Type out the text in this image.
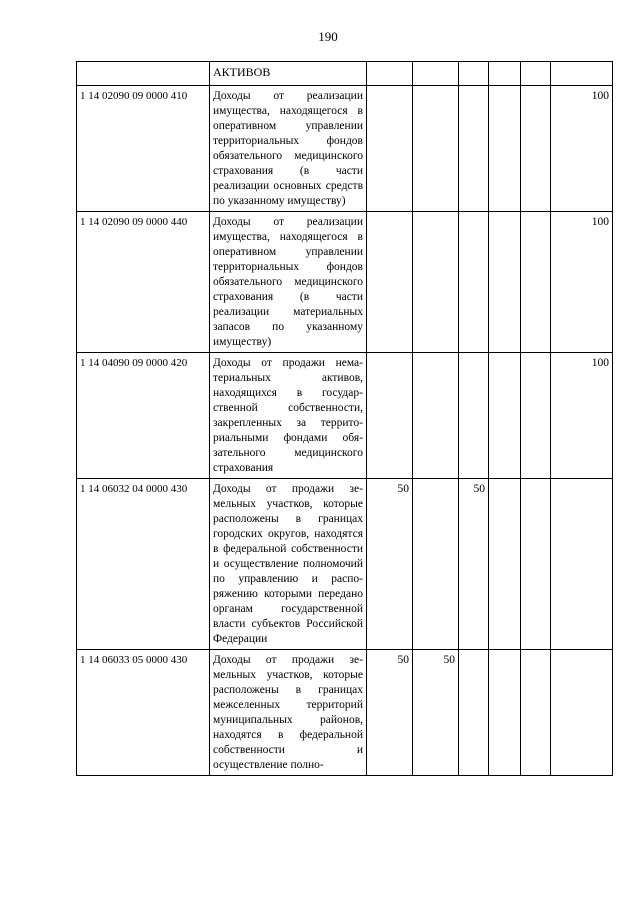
190
	АКТИВОВ						
1 14 02090 09 0000 410	Доходы от реализации имущества, находящегося в оперативном управлении территориальных фондов обязательного медицинского страхования (в части реализации основных средств по указанному имуществу)						100
1 14 02090 09 0000 440	Доходы от реализации имущества, находящегося в оперативном управлении территориальных фондов обязательного медицинского страхования (в части реализации материальных запасов по указанному имуществу)						100
1 14 04090 09 0000 420	Доходы от продажи нематериальных активов, находящихся в государственной собственности, закрепленных за территориальными фондами обязательного медицинского страхования						100
1 14 06032 04 0000 430	Доходы от продажи земельных участков, которые расположены в границах городских округов, находятся в федеральной собственности и осуществление полномочий по управлению и распоряжению которыми передано органам государственной власти субъектов Российской Федерации	50		50			
1 14 06033 05 0000 430	Доходы от продажи земельных участков, которые расположены в границах межселенных территорий муниципальных районов, находятся в федеральной собственности и осуществление полно-	50	50				
